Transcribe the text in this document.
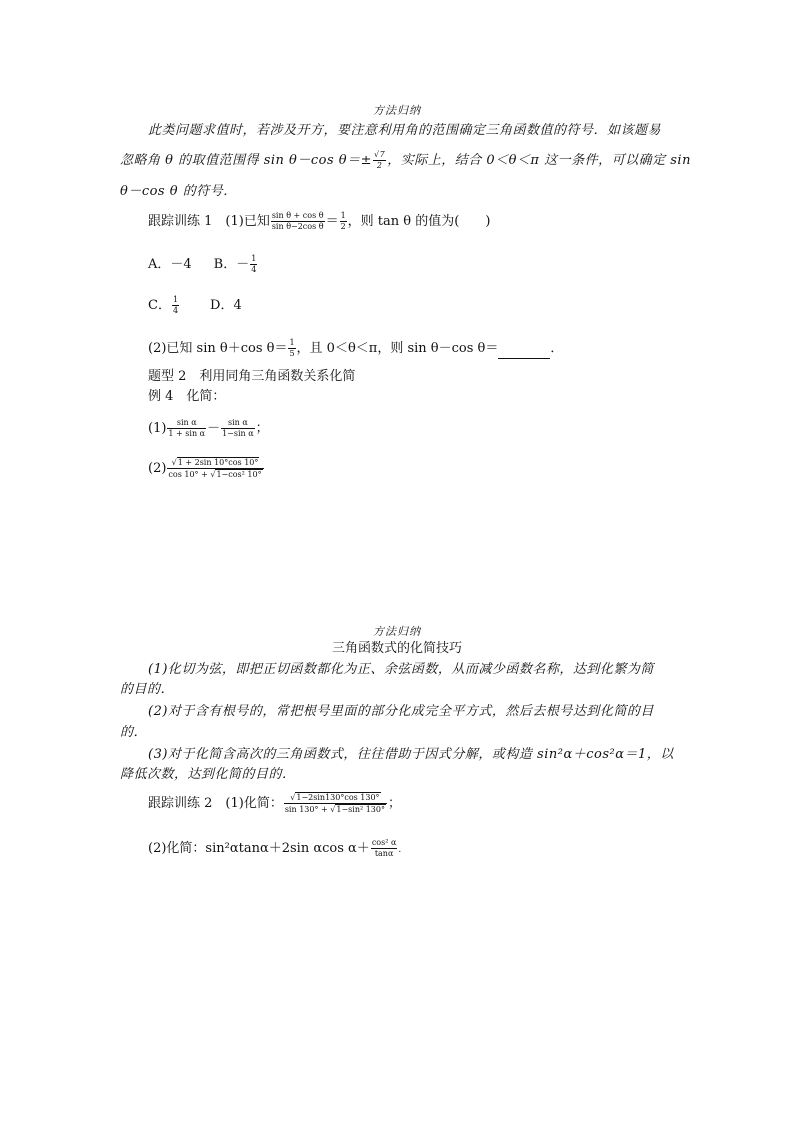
方法归纳
此类问题求值时，若涉及开方，要注意利用角的范围确定三角函数值的符号．如该题易
忽略角 θ 的取值范围得 sin θ－cos $\theta=\pm \frac{√7}{2}$ ，实际上，结合 0＜θ＜π 这一条件，可以确定 sin
θ－cos θ 的符号．
跟踪训练 1　(1)已知 $\frac{\text{sin θ + cos θ}}{\text{sin θ−2cos θ}} = \frac{1}{2}$ ，则 tan θ 的值为(　　)
A．－4 B．－ $\frac{1}{4}$
C． $\frac{1}{4}$ D．4
(2)已知 sin θ＋cos $\theta= \frac{1}{5}$ ，且 0＜θ＜π，则 sin θ－cos θ＝	．
题型 2　利用同角三角函数关系化简
例 4　化简：
$(1) \frac{\text{sin α}}{\text{1 + sin α}} - \frac{\text{sin α}}{\text{1−sin α}}$ ；
$(2) \frac{√1 + 2\sin 10^\circ\cos 10^\circ}{\text{cos 10° + √1−cos² 10°}}$
方法归纳
三角函数式的化简技巧
(1)化切为弦，即把正切函数都化为正、余弦函数，从而减少函数名称，达到化繁为简
的目的．
(2)对于含有根号的，常把根号里面的部分化成完全平方式，然后去根号达到化简的目
的．
(3)对于化简含高次的三角函数式，往往借助于因式分解，或构造 sin²α＋cos²α＝1，以
降低次数，达到化简的目的．
跟踪训练 2　(1)化简： $\frac{√1-2\sin 130^\circ\cos 130^\circ}{\text{sin 130° + √1−sin² 130°}}$ ；
(2)化简：sin²αtanα＋2sin αcos $\alpha+ \frac{\text{cos² α}}{\tan\alpha}$ .
